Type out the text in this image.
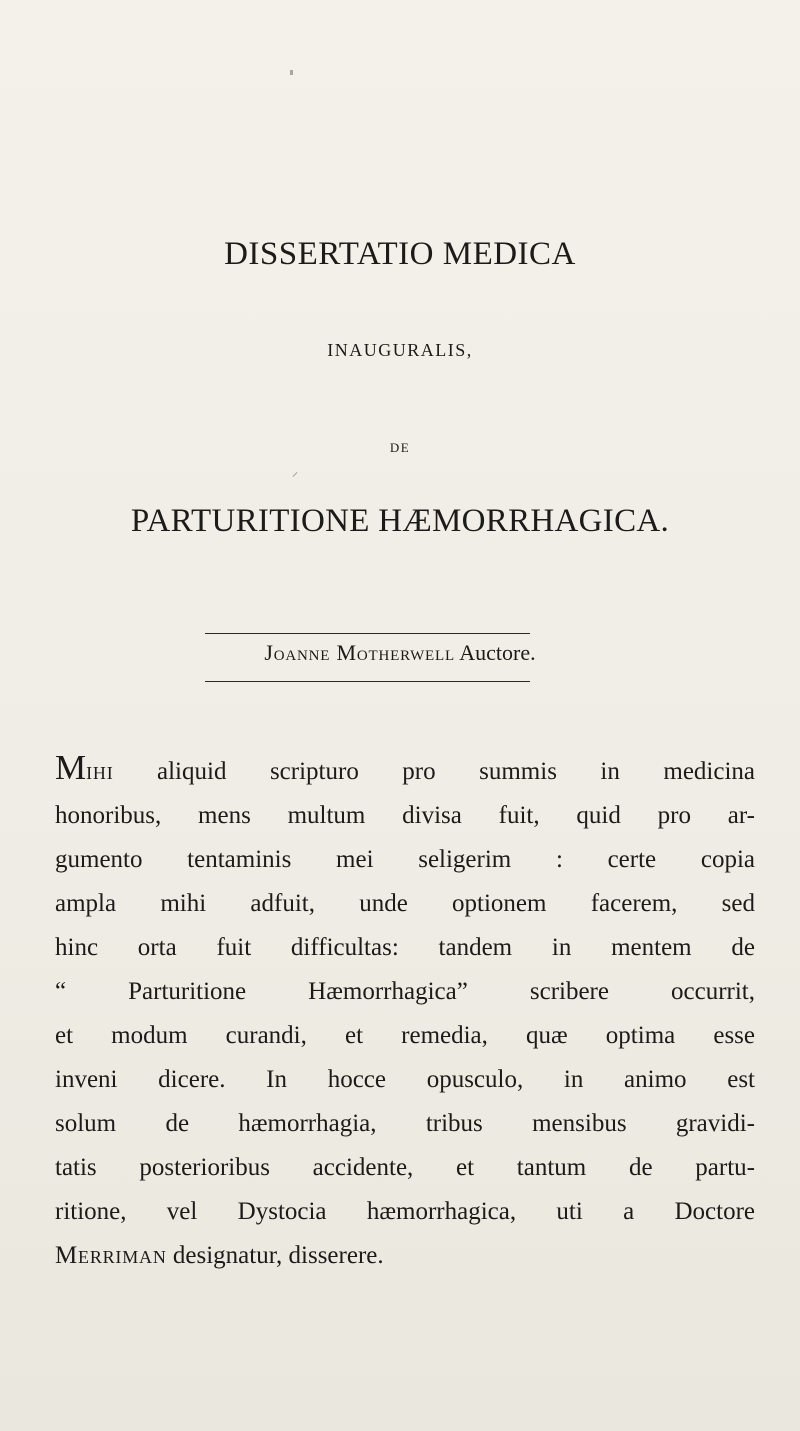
DISSERTATIO MEDICA
INAUGURALIS,
DE
PARTURITIONE HÆMORRHAGICA.
Joanne Motherwell Auctore.
Mihi aliquid scripturo pro summis in medicina
honoribus, mens multum divisa fuit, quid pro ar-
gumento tentaminis mei seligerim : certe copia
ampla mihi adfuit, unde optionem facerem, sed
hinc orta fuit difficultas: tandem in mentem de
“ Parturitione Hæmorrhagica” scribere occurrit,
et modum curandi, et remedia, quæ optima esse
inveni dicere. In hocce opusculo, in animo est
solum de hæmorrhagia, tribus mensibus gravidi-
tatis posterioribus accidente, et tantum de partu-
ritione, vel Dystocia hæmorrhagica, uti a Doctore
Merriman designatur, disserere.
